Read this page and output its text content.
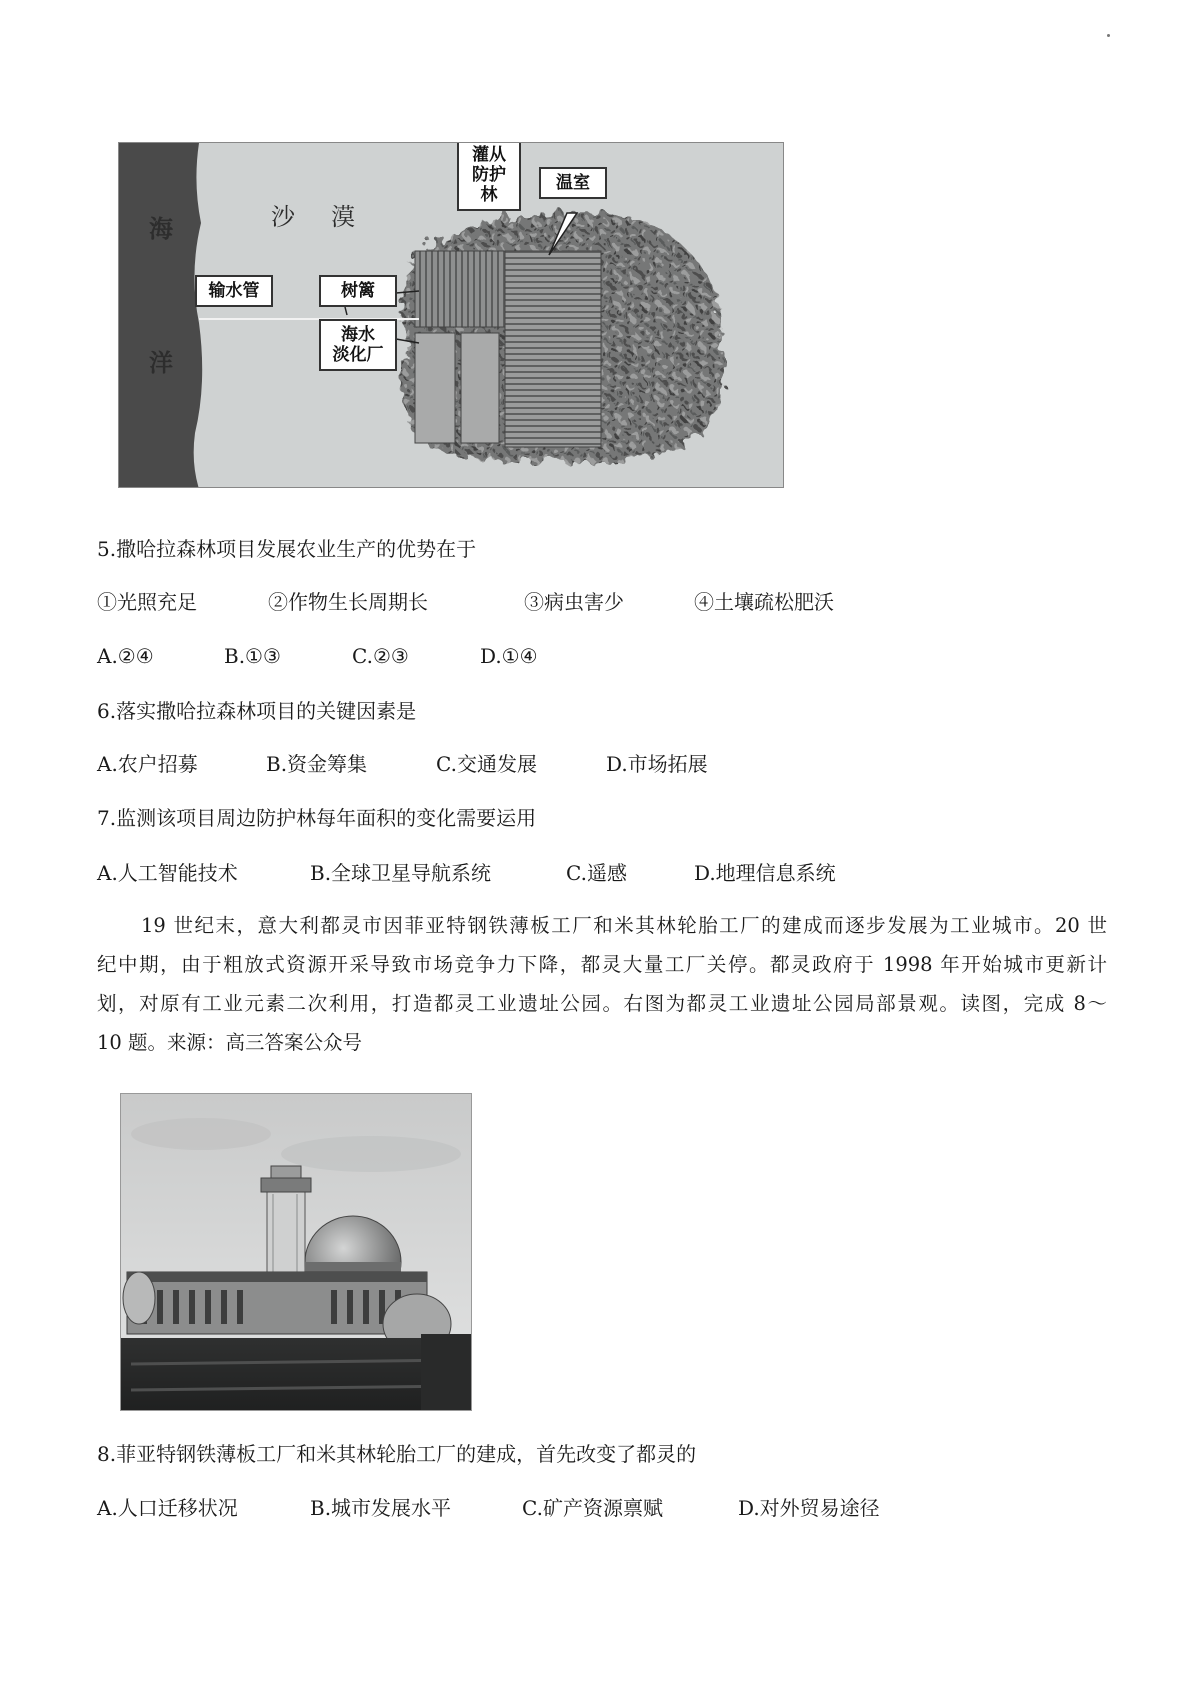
海
洋
沙　漠
输水管
灌从
防护林
温室
树篱
海水
淡化厂
5.撒哈拉森林项目发展农业生产的优势在于
①光照充足	②作物生长周期长	③病虫害少	④土壤疏松肥沃
A.②④	B.①③	C.②③	D.①④
6.落实撒哈拉森林项目的关键因素是
A.农户招募	B.资金筹集	C.交通发展	D.市场拓展
7.监测该项目周边防护林每年面积的变化需要运用
A.人工智能技术	B.全球卫星导航系统	C.遥感	D.地理信息系统
19 世纪末，意大利都灵市因菲亚特钢铁薄板工厂和米其林轮胎工厂的建成而逐步发展为工业城市。20 世
纪中期，由于粗放式资源开采导致市场竞争力下降，都灵大量工厂关停。都灵政府于 1998 年开始城市更新计
划，对原有工业元素二次利用，打造都灵工业遗址公园。右图为都灵工业遗址公园局部景观。读图，完成 8～
10 题。来源：高三答案公众号
8.菲亚特钢铁薄板工厂和米其林轮胎工厂的建成，首先改变了都灵的
A.人口迁移状况	B.城市发展水平	C.矿产资源禀赋	D.对外贸易途径
